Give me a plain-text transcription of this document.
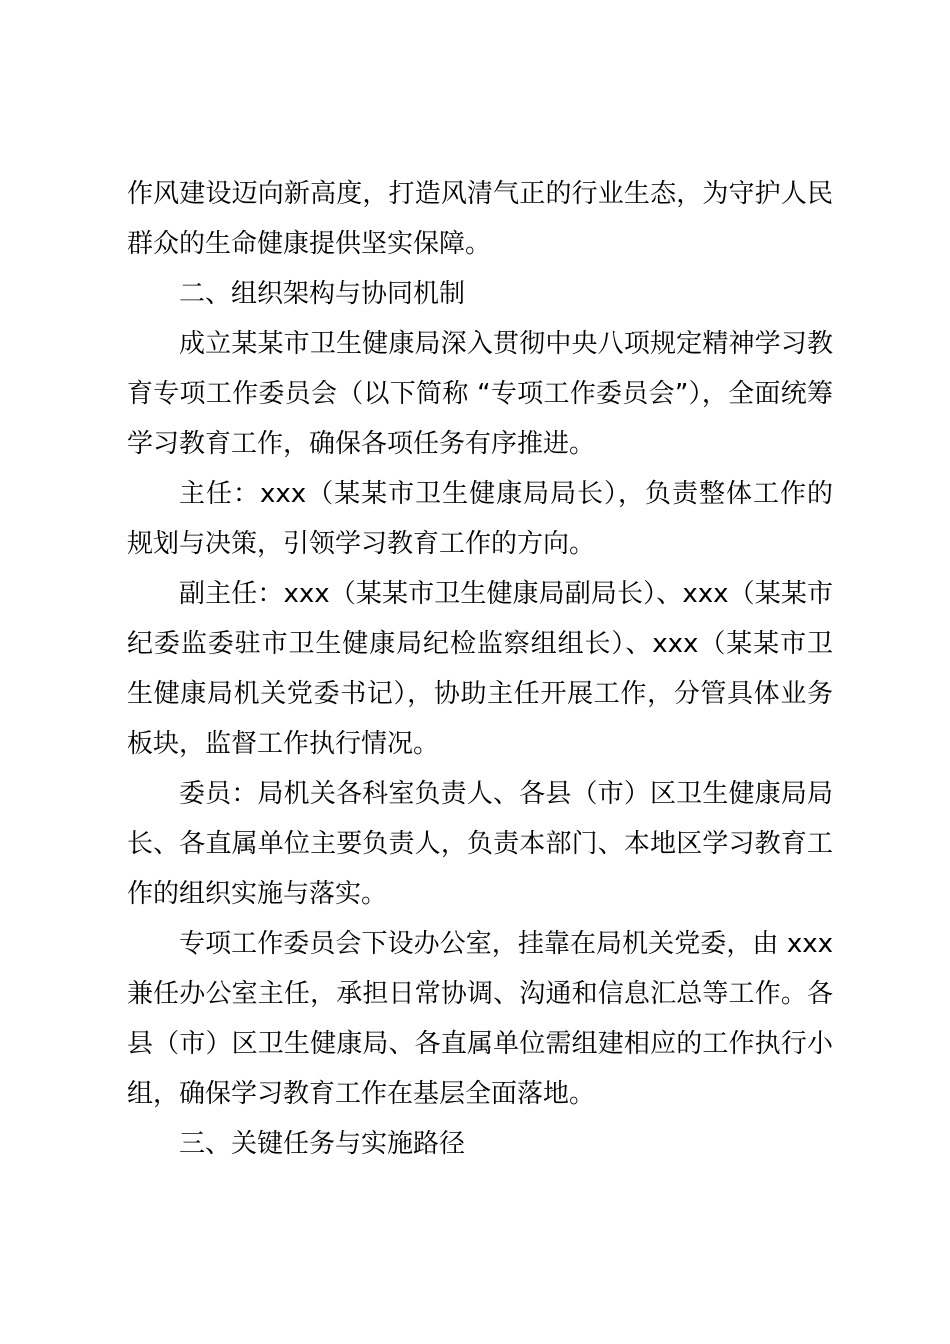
作风建设迈向新高度，打造风清气正的行业生态，为守护人民
群众的生命健康提供坚实保障。
二、组织架构与协同机制
成立某某市卫生健康局深入贯彻中央八项规定精神学习教
育专项工作委员会（以下简称 “专项工作委员会”），全面统筹
学习教育工作，确保各项任务有序推进。
主任：xxx（某某市卫生健康局局长），负责整体工作的
规划与决策，引领学习教育工作的方向。
副主任：xxx（某某市卫生健康局副局长）、xxx（某某市
纪委监委驻市卫生健康局纪检监察组组长）、xxx（某某市卫
生健康局机关党委书记），协助主任开展工作，分管具体业务
板块，监督工作执行情况。
委员：局机关各科室负责人、各县（市）区卫生健康局局
长、各直属单位主要负责人，负责本部门、本地区学习教育工
作的组织实施与落实。
专项工作委员会下设办公室，挂靠在局机关党委，由 xxx
兼任办公室主任，承担日常协调、沟通和信息汇总等工作。各
县（市）区卫生健康局、各直属单位需组建相应的工作执行小
组，确保学习教育工作在基层全面落地。
三、关键任务与实施路径
